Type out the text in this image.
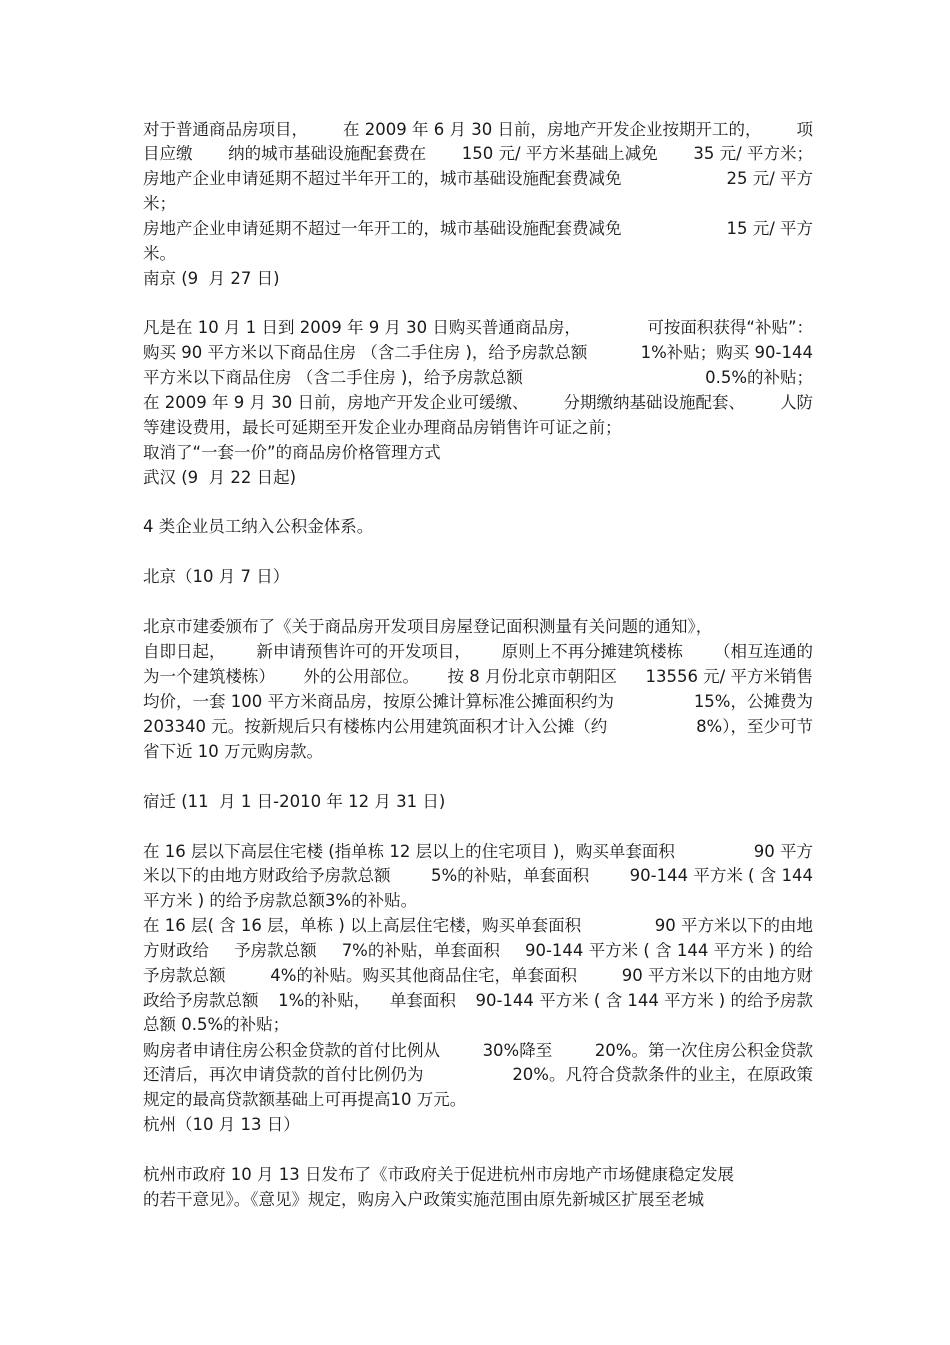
对于普通商品房项目， 在 2009 年 6 月 30 日前，房地产开发企业按期开工的， 项
目应缴 纳的城市基础设施配套费在 150 元/ 平方米基础上减免 35 元/ 平方米；
房地产企业申请延期不超过半年开工的，城市基础设施配套费减免	25 元/ 平方
米；
房地产企业申请延期不超过一年开工的，城市基础设施配套费减免	15 元/ 平方
米。
南京 (9  月 27 日)
凡是在 10 月 1 日到 2009 年 9 月 30 日购买普通商品房，	可按面积获得“补贴”：
购买 90 平方米以下商品住房 （含二手住房 )，给予房款总额	1%补贴；购买 90-144
平方米以下商品住房 （含二手住房 )，给予房款总额	0.5%的补贴；
在 2009 年 9 月 30 日前，房地产开发企业可缓缴、 分期缴纳基础设施配套、 人防
等建设费用，最长可延期至开发企业办理商品房销售许可证之前；
取消了“一套一价”的商品房价格管理方式
武汉 (9  月 22 日起)
4 类企业员工纳入公积金体系。
北京（10 月 7 日）
北京市建委颁布了《关于商品房开发项目房屋登记面积测量有关问题的通知》，
自即日起， 新申请预售许可的开发项目， 原则上不再分摊建筑楼栋 （相互连通的
为一个建筑楼栋） 外的公用部位。 按 8 月份北京市朝阳区 13556 元/ 平方米销售
均价，一套 100 平方米商品房，按原公摊计算标准公摊面积约为	15%，公摊费为
203340 元。按新规后只有楼栋内公用建筑面积才计入公摊（约	8%），至少可节
省下近 10 万元购房款。
宿迁 (11  月 1 日-2010 年 12 月 31 日)
在 16 层以下高层住宅楼 (指单栋 12 层以上的住宅项目 )，购买单套面积	90 平方
米以下的由地方财政给予房款总额 5%的补贴，单套面积 90-144 平方米 ( 含 144
平方米 ) 的给予房款总额 3%的补贴。
在 16 层( 含 16 层，单栋 ) 以上高层住宅楼，购买单套面积	90 平方米以下的由地
方财政给 予房款总额 7%的补贴，单套面积 90-144 平方米 ( 含 144 平方米 ) 的给
予房款总额	4%的补贴。购买其他商品住宅，单套面积	90 平方米以下的由地方财
政给予房款总额 1%的补贴， 单套面积 90-144 平方米 ( 含 144 平方米 ) 的给予房款
总额 0.5%的补贴；
购房者申请住房公积金贷款的首付比例从	30%降至	20%。第一次住房公积金贷款
还清后，再次申请贷款的首付比例仍为	20%。凡符合贷款条件的业主，在原政策
规定的最高贷款额基础上可再提高 10 万元。
杭州（10 月 13 日）
杭州市政府 10 月 13 日发布了《市政府关于促进杭州市房地产市场健康稳定发展
的若干意见》。《意见》规定，购房入户政策实施范围由原先新城区扩展至老城
